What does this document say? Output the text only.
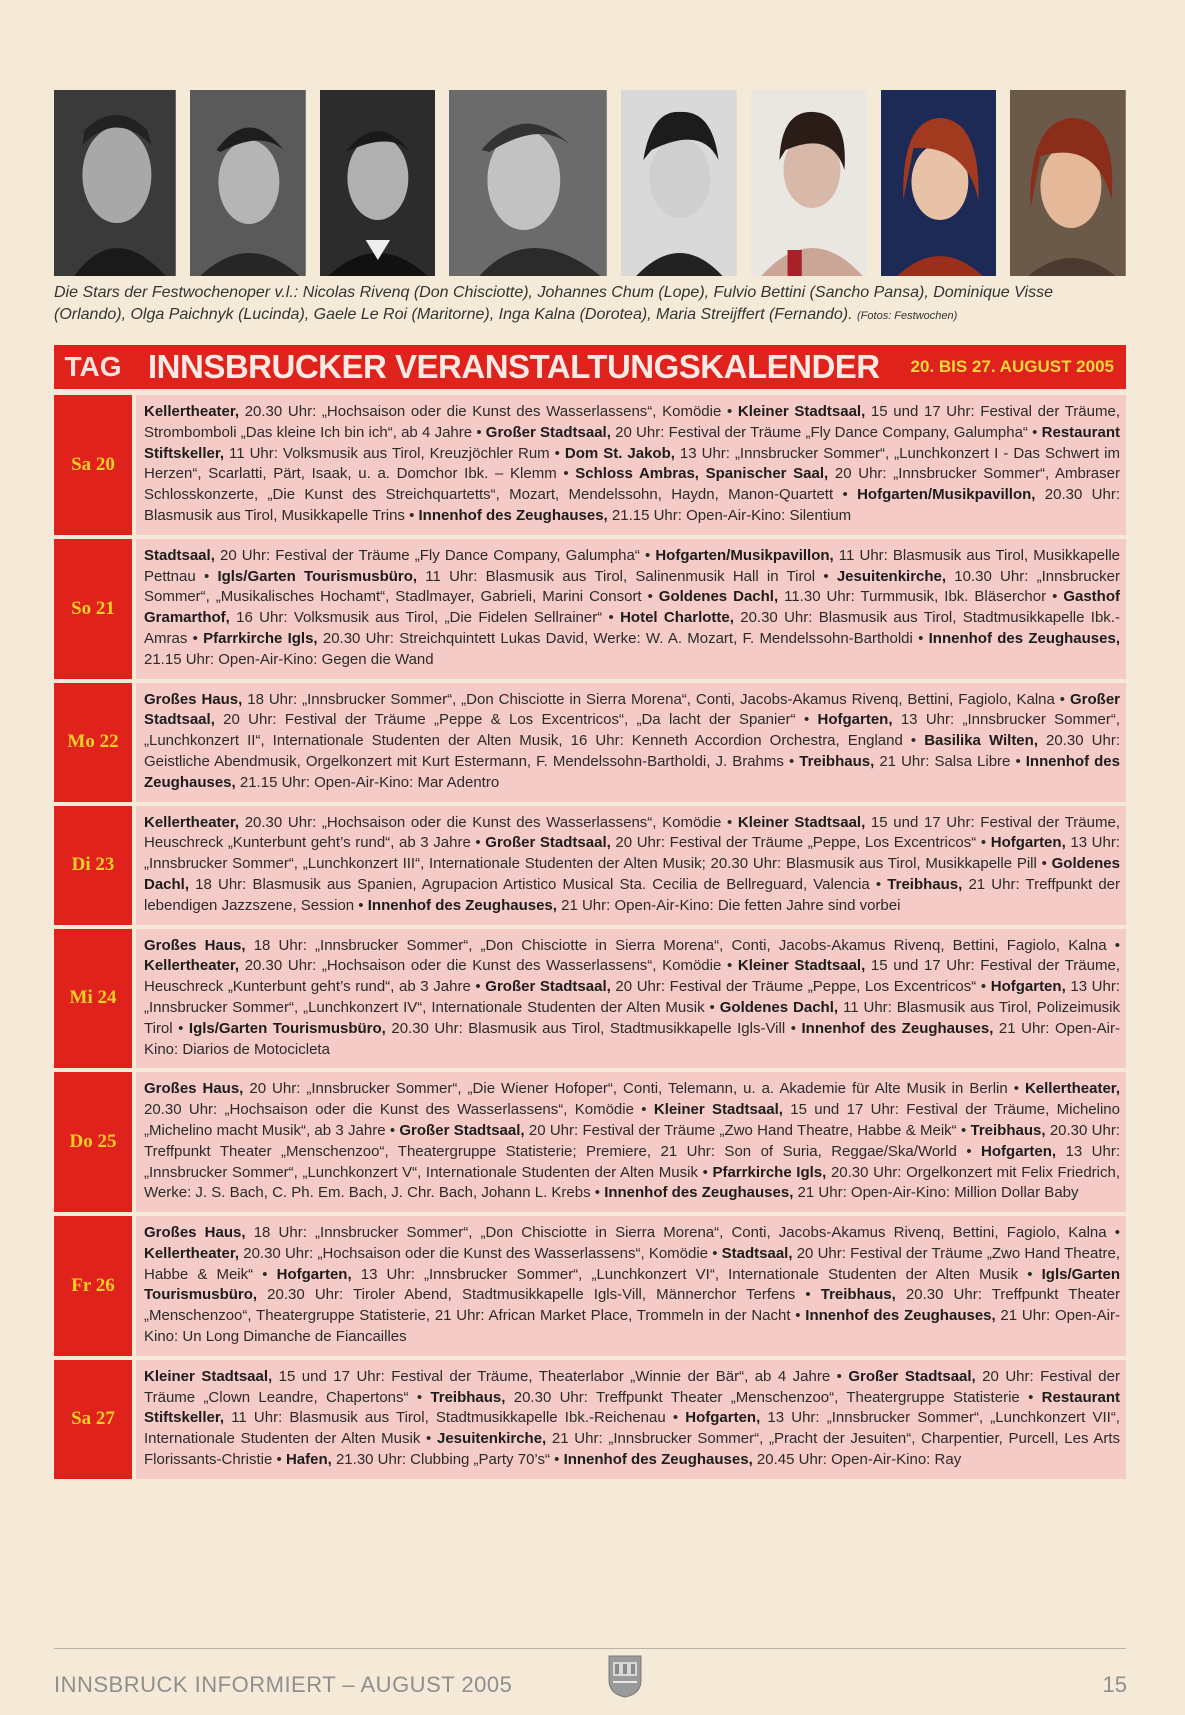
Die Stars der Festwochenoper v.l.: Nicolas Rivenq (Don Chisciotte), Johannes Chum (Lope), Fulvio Bettini (Sancho Pansa), Dominique Visse (Orlando), Olga Paichnyk (Lucinda), Gaele Le Roi (Maritorne), Inga Kalna (Dorotea), Maria Streijffert (Fernando). (Fotos: Festwochen)
TAG INNSBRUCKER VERANSTALTUNGSKALENDER	20. BIS 27. AUGUST 2005
Sa 20
Kellertheater, 20.30 Uhr: „Hochsaison oder die Kunst des Wasserlassens“, Komödie • Kleiner Stadtsaal, 15 und 17 Uhr: Festival der Träume, Strombomboli „Das kleine Ich bin ich“, ab 4 Jahre • Großer Stadtsaal, 20 Uhr: Festival der Träume „Fly Dance Company, Galumpha“ • Restaurant Stiftskeller, 11 Uhr: Volksmusik aus Tirol, Kreuzjöchler Rum • Dom St. Jakob, 13 Uhr: „Innsbrucker Sommer“, „Lunchkonzert I - Das Schwert im Herzen“, Scarlatti, Pärt, Isaak, u. a. Domchor Ibk. – Klemm • Schloss Ambras, Spanischer Saal, 20 Uhr: „Innsbrucker Sommer“, Ambraser Schlosskonzerte, „Die Kunst des Streichquartetts“, Mozart, Mendelssohn, Haydn, Manon-Quartett • Hofgarten/Musikpavillon, 20.30 Uhr: Blasmusik aus Tirol, Musikkapelle Trins • Innenhof des Zeughauses, 21.15 Uhr: Open-Air-Kino: Silentium
So 21
Stadtsaal, 20 Uhr: Festival der Träume „Fly Dance Company, Galumpha“ • Hofgarten/Musikpavillon, 11 Uhr: Blasmusik aus Tirol, Musikkapelle Pettnau • Igls/Garten Tourismusbüro, 11 Uhr: Blasmusik aus Tirol, Salinenmusik Hall in Tirol • Jesuitenkirche, 10.30 Uhr: „Innsbrucker Sommer“, „Musikalisches Hochamt“, Stadlmayer, Gabrieli, Marini Consort • Goldenes Dachl, 11.30 Uhr: Turmmusik, Ibk. Bläserchor • Gasthof Gramarthof, 16 Uhr: Volksmusik aus Tirol, „Die Fidelen Sellrainer“ • Hotel Charlotte, 20.30 Uhr: Blasmusik aus Tirol, Stadtmusikkapelle Ibk.-Amras • Pfarrkirche Igls, 20.30 Uhr: Streichquintett Lukas David, Werke: W. A. Mozart, F. Mendelssohn-Bartholdi • Innenhof des Zeughauses, 21.15 Uhr: Open-Air-Kino: Gegen die Wand
Mo 22
Großes Haus, 18 Uhr: „Innsbrucker Sommer“, „Don Chisciotte in Sierra Morena“, Conti, Jacobs-Akamus Rivenq, Bettini, Fagiolo, Kalna • Großer Stadtsaal, 20 Uhr: Festival der Träume „Peppe & Los Excentricos“, „Da lacht der Spanier“ • Hofgarten, 13 Uhr: „Innsbrucker Sommer“, „Lunchkonzert II“, Internationale Studenten der Alten Musik, 16 Uhr: Kenneth Accordion Orchestra, England • Basilika Wilten, 20.30 Uhr: Geistliche Abendmusik, Orgelkonzert mit Kurt Estermann, F. Mendelssohn-Bartholdi, J. Brahms • Treibhaus, 21 Uhr: Salsa Libre • Innenhof des Zeughauses, 21.15 Uhr: Open-Air-Kino: Mar Adentro
Di 23
Kellertheater, 20.30 Uhr: „Hochsaison oder die Kunst des Wasserlassens“, Komödie • Kleiner Stadtsaal, 15 und 17 Uhr: Festival der Träume, Heuschreck „Kunterbunt geht’s rund“, ab 3 Jahre • Großer Stadtsaal, 20 Uhr: Festival der Träume „Peppe, Los Excentricos“ • Hofgarten, 13 Uhr: „Innsbrucker Sommer“, „Lunchkonzert III“, Internationale Studenten der Alten Musik; 20.30 Uhr: Blasmusik aus Tirol, Musikkapelle Pill • Goldenes Dachl, 18 Uhr: Blasmusik aus Spanien, Agrupacion Artistico Musical Sta. Cecilia de Bellreguard, Valencia • Treibhaus, 21 Uhr: Treffpunkt der lebendigen Jazzszene, Session • Innenhof des Zeughauses, 21 Uhr: Open-Air-Kino: Die fetten Jahre sind vorbei
Mi 24
Großes Haus, 18 Uhr: „Innsbrucker Sommer“, „Don Chisciotte in Sierra Morena“, Conti, Jacobs-Akamus Rivenq, Bettini, Fagiolo, Kalna • Kellertheater, 20.30 Uhr: „Hochsaison oder die Kunst des Wasserlassens“, Komödie • Kleiner Stadtsaal, 15 und 17 Uhr: Festival der Träume, Heuschreck „Kunterbunt geht’s rund“, ab 3 Jahre • Großer Stadtsaal, 20 Uhr: Festival der Träume „Peppe, Los Excentricos“ • Hofgarten, 13 Uhr: „Innsbrucker Sommer“, „Lunchkonzert IV“, Internationale Studenten der Alten Musik • Goldenes Dachl, 11 Uhr: Blasmusik aus Tirol, Polizeimusik Tirol • Igls/Garten Tourismusbüro, 20.30 Uhr: Blasmusik aus Tirol, Stadtmusikkapelle Igls-Vill • Innenhof des Zeughauses, 21 Uhr: Open-Air-Kino: Diarios de Motocicleta
Do 25
Großes Haus, 20 Uhr: „Innsbrucker Sommer“, „Die Wiener Hofoper“, Conti, Telemann, u. a. Akademie für Alte Musik in Berlin • Kellertheater, 20.30 Uhr: „Hochsaison oder die Kunst des Wasserlassens“, Komödie • Kleiner Stadtsaal, 15 und 17 Uhr: Festival der Träume, Michelino „Michelino macht Musik“, ab 3 Jahre • Großer Stadtsaal, 20 Uhr: Festival der Träume „Zwo Hand Theatre, Habbe & Meik“ • Treibhaus, 20.30 Uhr: Treffpunkt Theater „Menschenzoo“, Theatergruppe Statisterie; Premiere, 21 Uhr: Son of Suria, Reggae/Ska/World • Hofgarten, 13 Uhr: „Innsbrucker Sommer“, „Lunchkonzert V“, Internationale Studenten der Alten Musik • Pfarrkirche Igls, 20.30 Uhr: Orgelkonzert mit Felix Friedrich, Werke: J. S. Bach, C. Ph. Em. Bach, J. Chr. Bach, Johann L. Krebs • Innenhof des Zeughauses, 21 Uhr: Open-Air-Kino: Million Dollar Baby
Fr 26
Großes Haus, 18 Uhr: „Innsbrucker Sommer“, „Don Chisciotte in Sierra Morena“, Conti, Jacobs-Akamus Rivenq, Bettini, Fagiolo, Kalna • Kellertheater, 20.30 Uhr: „Hochsaison oder die Kunst des Wasserlassens“, Komödie • Stadtsaal, 20 Uhr: Festival der Träume „Zwo Hand Theatre, Habbe & Meik“ • Hofgarten, 13 Uhr: „Innsbrucker Sommer“, „Lunchkonzert VI“, Internationale Studenten der Alten Musik • Igls/Garten Tourismusbüro, 20.30 Uhr: Tiroler Abend, Stadtmusikkapelle Igls-Vill, Männerchor Terfens • Treibhaus, 20.30 Uhr: Treffpunkt Theater „Menschenzoo“, Theatergruppe Statisterie, 21 Uhr: African Market Place, Trommeln in der Nacht • Innenhof des Zeughauses, 21 Uhr: Open-Air-Kino: Un Long Dimanche de Fiancailles
Sa 27
Kleiner Stadtsaal, 15 und 17 Uhr: Festival der Träume, Theaterlabor „Winnie der Bär“, ab 4 Jahre • Großer Stadtsaal, 20 Uhr: Festival der Träume „Clown Leandre, Chapertons“ • Treibhaus, 20.30 Uhr: Treffpunkt Theater „Menschenzoo“, Theatergruppe Statisterie • Restaurant Stiftskeller, 11 Uhr: Blasmusik aus Tirol, Stadtmusikkapelle Ibk.-Reichenau • Hofgarten, 13 Uhr: „Innsbrucker Sommer“, „Lunchkonzert VII“, Internationale Studenten der Alten Musik • Jesuitenkirche, 21 Uhr: „Innsbrucker Sommer“, „Pracht der Jesuiten“, Charpentier, Purcell, Les Arts Florissants-Christie • Hafen, 21.30 Uhr: Clubbing „Party 70’s“ • Innenhof des Zeughauses, 20.45 Uhr: Open-Air-Kino: Ray
INNSBRUCK INFORMIERT – AUGUST 2005	15
